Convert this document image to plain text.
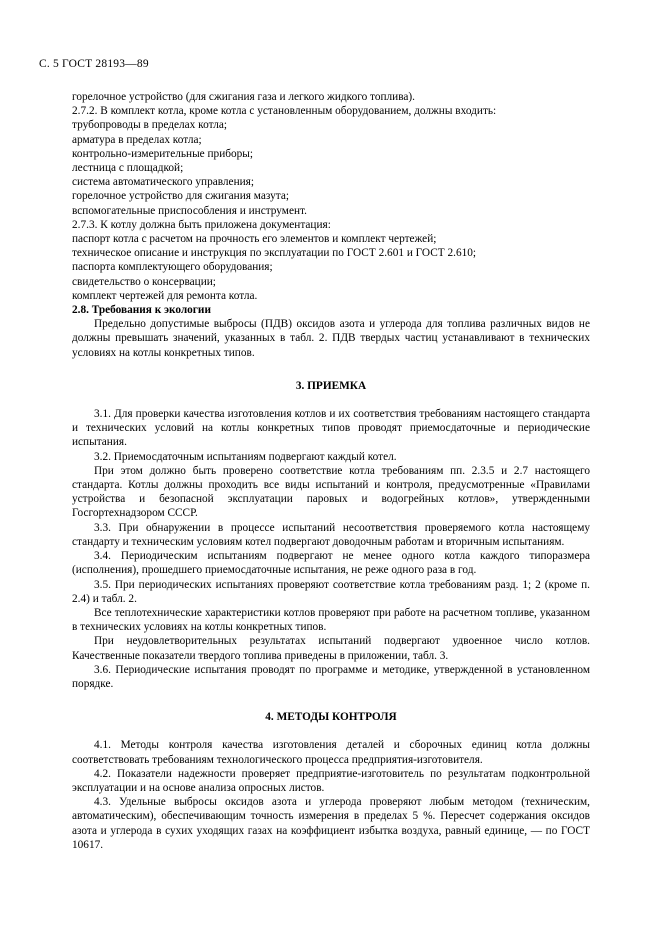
С. 5 ГОСТ 28193—89

горелочное устройство (для сжигания газа и легкого жидкого топлива).

2.7.2. В комплект котла, кроме котла с установленным оборудованием, должны входить:

трубопроводы в пределах котла;

арматура в пределах котла;

контрольно-измерительные приборы;

лестница с площадкой;

система автоматического управления;

горелочное устройство для сжигания мазута;

вспомогательные приспособления и инструмент.

2.7.3. К котлу должна быть приложена документация:

паспорт котла с расчетом на прочность его элементов и комплект чертежей;

техническое описание и инструкция по эксплуатации по ГОСТ 2.601 и ГОСТ 2.610;

паспорта комплектующего оборудования;

свидетельство о консервации;

комплект чертежей для ремонта котла.

2.8. Требования к экологии

Предельно допустимые выбросы (ПДВ) оксидов азота и углерода для топлива различных видов не должны превышать значений, указанных в табл. 2. ПДВ твердых частиц устанавливают в технических условиях на котлы конкретных типов.

3. ПРИЕМКА

3.1. Для проверки качества изготовления котлов и их соответствия требованиям настоящего стандарта и технических условий на котлы конкретных типов проводят приемосдаточные и периодические испытания.

3.2. Приемосдаточным испытаниям подвергают каждый котел.

При этом должно быть проверено соответствие котла требованиям пп. 2.3.5 и 2.7 настоящего стандарта. Котлы должны проходить все виды испытаний и контроля, предусмотренные «Правилами устройства и безопасной эксплуатации паровых и водогрейных котлов», утвержденными Госгортехнадзором СССР.

3.3. При обнаружении в процессе испытаний несоответствия проверяемого котла настоящему стандарту и техническим условиям котел подвергают доводочным работам и вторичным испытаниям.

3.4. Периодическим испытаниям подвергают не менее одного котла каждого типоразмера (исполнения), прошедшего приемосдаточные испытания, не реже одного раза в год.

3.5. При периодических испытаниях проверяют соответствие котла требованиям разд. 1; 2 (кроме п. 2.4) и табл. 2.

Все теплотехнические характеристики котлов проверяют при работе на расчетном топливе, указанном в технических условиях на котлы конкретных типов.

При неудовлетворительных результатах испытаний подвергают удвоенное число котлов. Качественные показатели твердого топлива приведены в приложении, табл. 3.

3.6. Периодические испытания проводят по программе и методике, утвержденной в установленном порядке.

4. МЕТОДЫ КОНТРОЛЯ

4.1. Методы контроля качества изготовления деталей и сборочных единиц котла должны соответствовать требованиям технологического процесса предприятия-изготовителя.

4.2. Показатели надежности проверяет предприятие-изготовитель по результатам подконтрольной эксплуатации и на основе анализа опросных листов.

4.3. Удельные выбросы оксидов азота и углерода проверяют любым методом (техническим, автоматическим), обеспечивающим точность измерения в пределах 5 %. Пересчет содержания оксидов азота и углерода в сухих уходящих газах на коэффициент избытка воздуха, равный единице, — по ГОСТ 10617.
